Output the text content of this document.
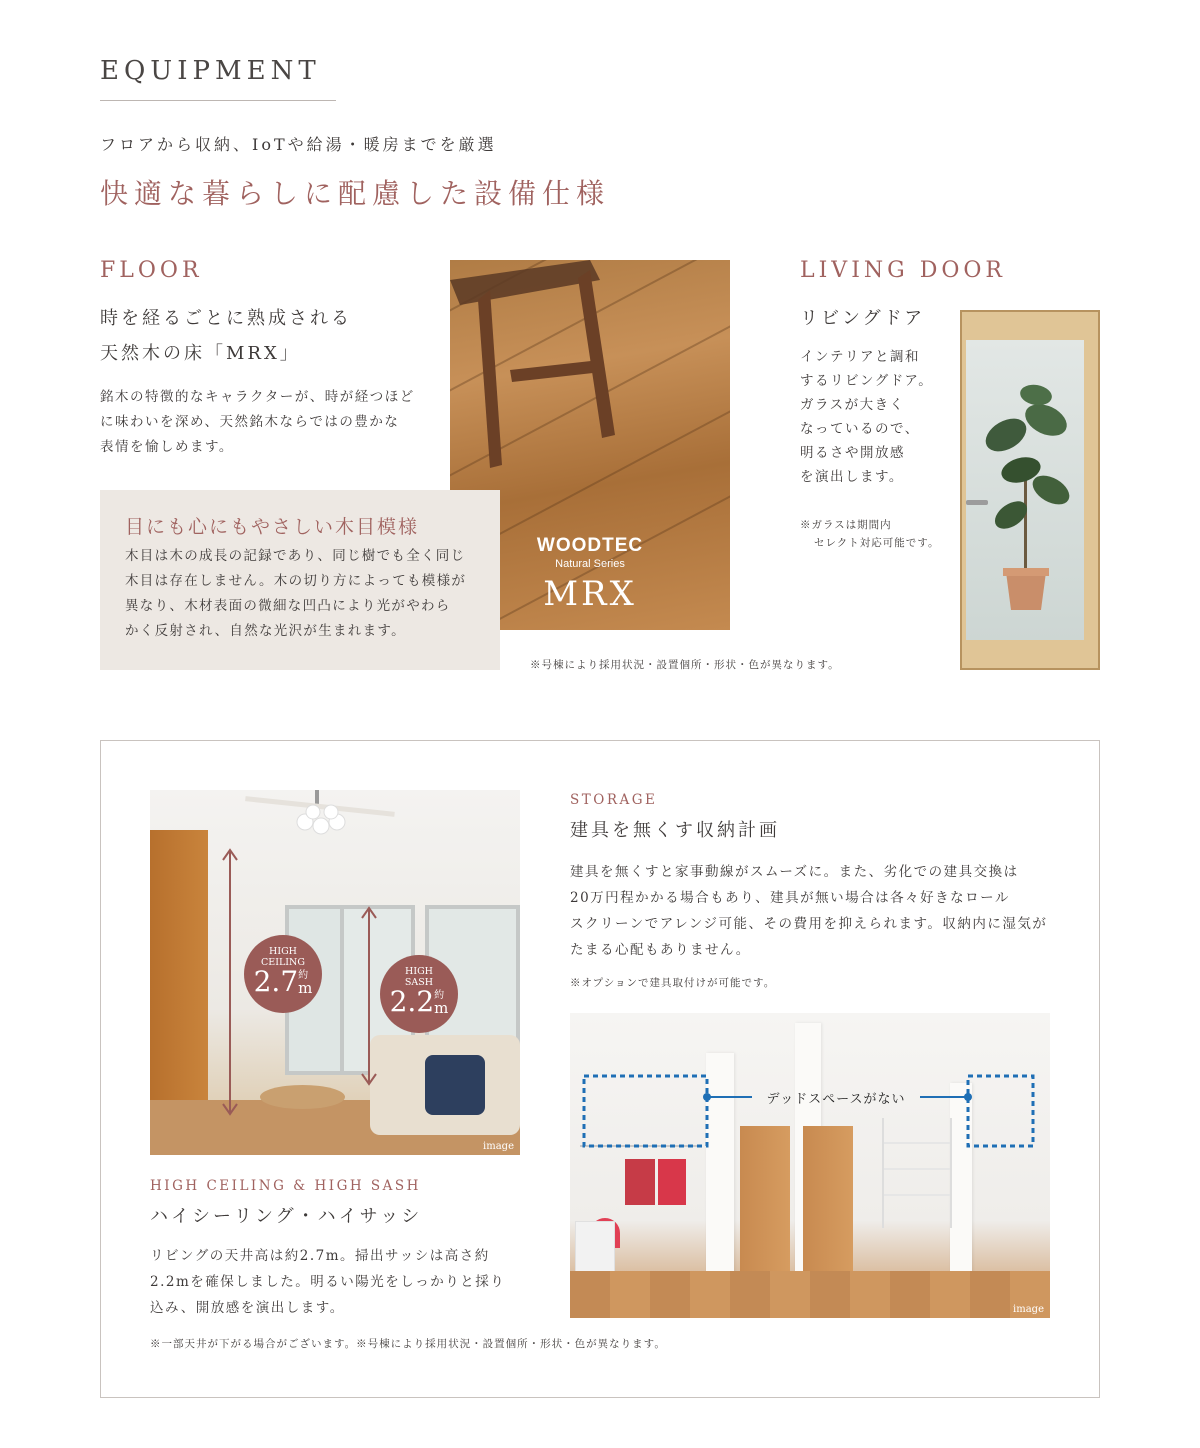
EQUIPMENT
フロアから収納、IoTや給湯・暖房までを厳選
快適な暮らしに配慮した設備仕様
FLOOR
時を経るごとに熟成される
天然木の床「MRX」
銘木の特徴的なキャラクターが、時が経つほど
に味わいを深め、天然銘木ならではの豊かな
表情を愉しめます。
WOODTEC
Natural Series
MRX
目にも心にもやさしい木目模様
木目は木の成長の記録であり、同じ樹でも全く同じ
木目は存在しません。木の切り方によっても模様が
異なり、木材表面の微細な凹凸により光がやわら
かく反射され、自然な光沢が生まれます。
※号棟により採用状況・設置個所・形状・色が異なります。
LIVING DOOR
リビングドア
インテリアと調和
するリビングドア。
ガラスが大きく
なっているので、
明るさや開放感
を演出します。
※ガラスは期間内
セレクト対応可能です。
HIGH
CEILING
2.7 約
m
HIGH
SASH
2.2 約
m
image
HIGH CEILING & HIGH SASH
ハイシーリング・ハイサッシ
リビングの天井高は約2.7m。掃出サッシは高さ約
2.2mを確保しました。明るい陽光をしっかりと採り
込み、開放感を演出します。
※一部天井が下がる場合がございます。※号棟により採用状況・設置個所・形状・色が異なります。
STORAGE
建具を無くす収納計画
建具を無くすと家事動線がスムーズに。また、劣化での建具交換は
20万円程かかる場合もあり、建具が無い場合は各々好きなロール
スクリーンでアレンジ可能、その費用を抑えられます。収納内に湿気が
たまる心配もありません。
※オプションで建具取付けが可能です。
デッドスペースがない
image
